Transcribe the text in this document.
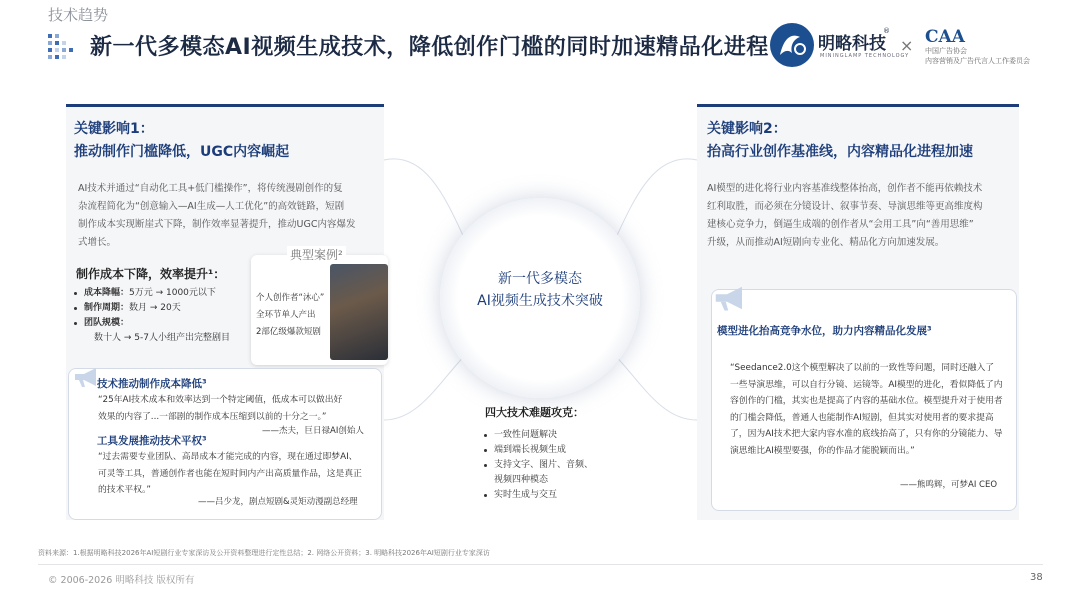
技术趋势
新一代多模态AI视频生成技术，降低创作门槛的同时加速精品化进程	明略科技
®
MININGLAMP TECHNOLOGY
× CAA
中国广告协会
内容营销及广告代言人工作委员会
关键影响1：
推动制作门槛降低，UGC内容崛起
AI技术并通过“自动化工具+低门槛操作”，将传统漫剧创作的复
杂流程简化为“创意输入—AI生成—人工优化”的高效链路，短剧
制作成本实现断崖式下降，制作效率显著提升，推动UGC内容爆发
式增长。
制作成本下降，效率提升¹：
成本降幅：5万元 → 1000元以下
制作周期：数月 → 20天
团队规模：
数十人 → 5-7人小组产出完整剧目
典型案例²
个人创作者“沐心”
全环节单人产出
2部亿级爆款短剧
技术推动制作成本降低³
“25年AI技术成本和效率达到一个特定阈值，低成本可以做出好
效果的内容了...一部剧的制作成本压缩到以前的十分之一。”
——杰夫，巨日禄AI创始人
工具发展推动技术平权³
“过去需要专业团队、高昂成本才能完成的内容，现在通过即梦AI、
可灵等工具，普通创作者也能在短时间内产出高质量作品，这是真正
的技术平权。”
——吕少龙，剧点短剧&灵矩动漫副总经理
新一代多模态
AI视频生成技术突破
四大技术难题攻克：
一致性问题解决
端到端长视频生成
支持文字、图片、音频、
视频四种模态
实时生成与交互
关键影响2：
抬高行业创作基准线，内容精品化进程加速
AI模型的进化将行业内容基准线整体抬高，创作者不能再依赖技术
红利取胜，而必须在分镜设计、叙事节奏、导演思维等更高维度构
建核心竞争力，倒逼生成端的创作者从“会用工具”向“善用思维”
升级，从而推动AI短剧向专业化、精品化方向加速发展。
模型进化抬高竞争水位，助力内容精品化发展³
“Seedance2.0这个模型解决了以前的一致性等问题，同时还融入了
一些导演思维，可以自行分镜、运镜等。AI模型的进化，看似降低了内
容创作的门槛，其实也是提高了内容的基础水位。模型提升对于使用者
的门槛会降低，普通人也能制作AI短剧，但其实对使用者的要求提高
了，因为AI技术把大家内容水准的底线抬高了，只有你的分镜能力、导
演思维比AI模型要强，你的作品才能脱颖而出。”
——熊鸣辉，可梦AI CEO
资料来源：1.根据明略科技2026年AI短剧行业专家深访及公开资料整理进行定性总结；2. 网络公开资料；3. 明略科技2026年AI短剧行业专家深访
© 2006-2026 明略科技 版权所有	38
